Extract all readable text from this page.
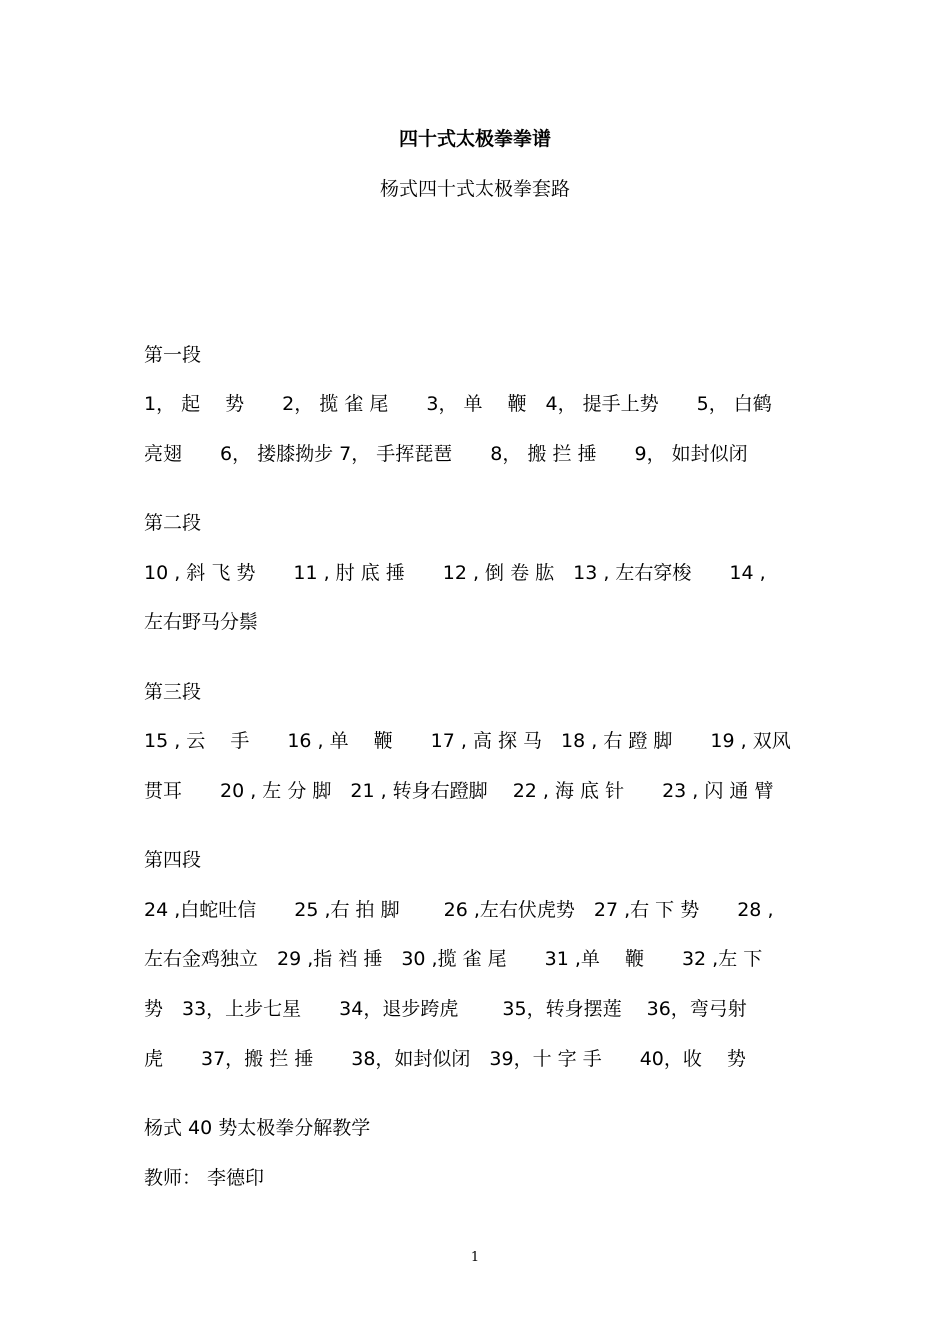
四十式太极拳拳谱
杨式四十式太极拳套路
第一段
1， 起　 势　　2， 揽 雀 尾　　3， 单　 鞭　4， 提手上势　　5， 白鹤
亮翅　　6， 搂膝拗步 7， 手挥琵琶　　8， 搬 拦 捶　　9， 如封似闭
第二段
10 , 斜 飞 势　　11 , 肘 底 捶　　12 , 倒 卷 肱　13 , 左右穿梭　　14 ,
左右野马分鬃
第三段
15 , 云　 手　　16 , 单　 鞭　　17 , 高 探 马　18 , 右 蹬 脚　　19 , 双风
贯耳　　20 , 左 分 脚　21 , 转身右蹬脚　 22 , 海 底 针　　23 , 闪 通 臂
第四段
24 ,白蛇吐信　　25 ,右 拍 脚　　 26 ,左右伏虎势　27 ,右 下 势　　28 ,
左右金鸡独立　29 ,指 裆 捶　30 ,揽 雀 尾　　31 ,单　 鞭　　32 ,左 下
势　33，上步七星　　34，退步跨虎　　 35，转身摆莲　 36，弯弓射
虎　　37，搬 拦 捶　　38，如封似闭　39，十 字 手　　40，收　 势
杨式 40 势太极拳分解教学
教师： 李德印
1
